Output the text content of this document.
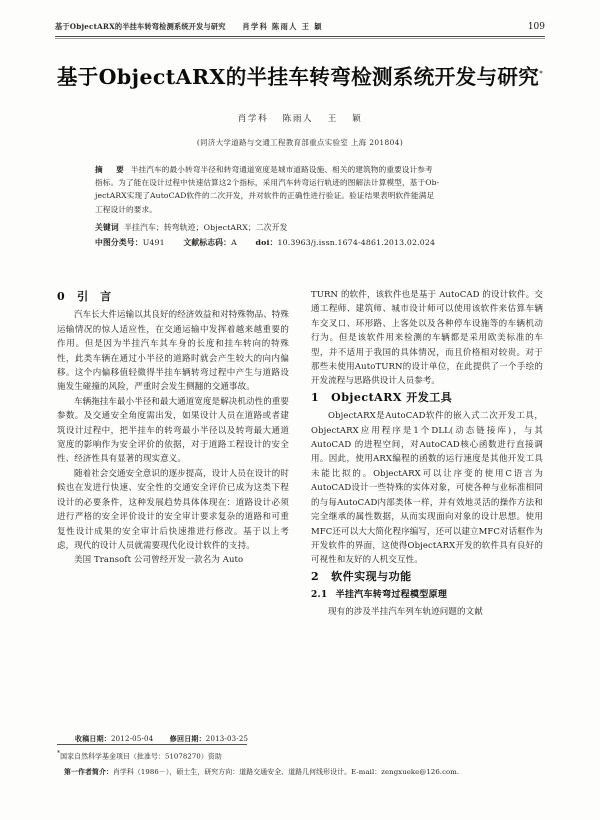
基于ObjectARX的半挂车转弯检测系统开发与研究 肖学科 陈雨人 王 颖	109
基于ObjectARX的半挂车转弯检测系统开发与研究*
肖学科 陈雨人 王 颖
(同济大学道路与交通工程教育部重点实验室 上海 201804)
摘　要 半挂汽车的最小转弯半径和转弯通道宽度是城市道路设施、相关的建筑物的重要设计参考
指标。为了能在设计过程中快速估算这2个指标，采用汽车转弯运行轨迹的图解法计算模型，基于Ob-
jectARX实现了AutoCAD软件的二次开发，并对软件的正确性进行验证。验证结果表明软件能满足
工程设计的要求。
关键词 半挂汽车；转弯轨迹；ObjectARX；二次开发
中图分类号：U491 文献标志码：A doi：10.3963/j.issn.1674-4861.2013.02.024
0 引　言

汽车长大件运输以其良好的经济效益和对特殊物品、特殊运输情况的惊人适应性，在交通运输中发挥着越来越重要的作用。但是因为半挂汽车其车身的长度和挂车转向的特殊性，此类车辆在通过小半径的道路时就会产生较大的向内偏移。这个内偏移值轻微得半挂车辆转弯过程中产生与道路设施发生碰撞的风险，严重时会发生侧翻的交通事故。

车辆拖挂车最小半径和最大通道宽度是解决机动性的重要参数。及交通安全角度需出发，如果设计人员在道路或者建筑设计过程中，把半挂车的转弯最小半径以及转弯最大通道宽度的影响作为安全评价的依据，对于道路工程设计的安全性、经济性具有显著的现实意义。

随着社会交通安全意识的逐步提高，设计人员在设计的时候也在发进行快速、安全性的交通安全评价已成为这类下程设计的必要条件，这种发展趋势具体体现在：道路设计必须进行严格的安全评价设计的安全审计要求复杂的道路和可重复性设计成果的安全审计后快速推进行修改。基于以上考虑，现代的设计人员就需要现代化设计软件的支持。

美国 Transoft 公司曾经开发一款名为 Auto

TURN 的软件，该软件也是基于 AutoCAD 的设计软件。交通工程师、建筑师、城市设计师可以使用该软件来估算车辆车交叉口、环形路、上客处以及各种停车设施等的车辆机动行为。但是该软件用来检测的车辆都是采用欧美标准的车型，并不适用于我国的具体情况，而且价格相对较贵。对于那些未使用AutoTURN的设计单位，在此提供了一个手绘的开发流程与思路供设计人员参考。

1 ObjectARX 开发工具

ObjectARX是AutoCAD软件的嵌入式二次开发工具，ObjectARX应用程序是1个DLL(动态链接库)，与其 AutoCAD 的进程空间，对AutoCAD核心函数进行直接调用。因此，使用ARX编程的函数的运行速度是其他开发工具未能比拟的。ObjectARX可以让序变的使用C语言为AutoCAD设计一些特殊的实体对象，可使各种与业标准相同的与每AutoCAD内部类体一样，并有效地灵活的操作方法和完全继承的属性数据，从而实现面向对象的设计思想。使用MFC还可以大大简化程序编写，还可以建立MFC对话框作为开发软件的界面，这使得ObjectARX开发的软件具有良好的可视性和友好的人机交互性。

2 软件实现与功能
2.1 半挂汽车转弯过程模型原理

现有的涉及半挂汽车列车轨迹问题的文献

收稿日期：2012-05-04 修回日期：2013-03-25
*国家自然科学基金项目（批准号：51078270）资助
第一作者简介：肖学科（1986－），硕士生，研究方向：道路交通安全、道路几何线形设计。E-mail：zengxueke@126.com.
